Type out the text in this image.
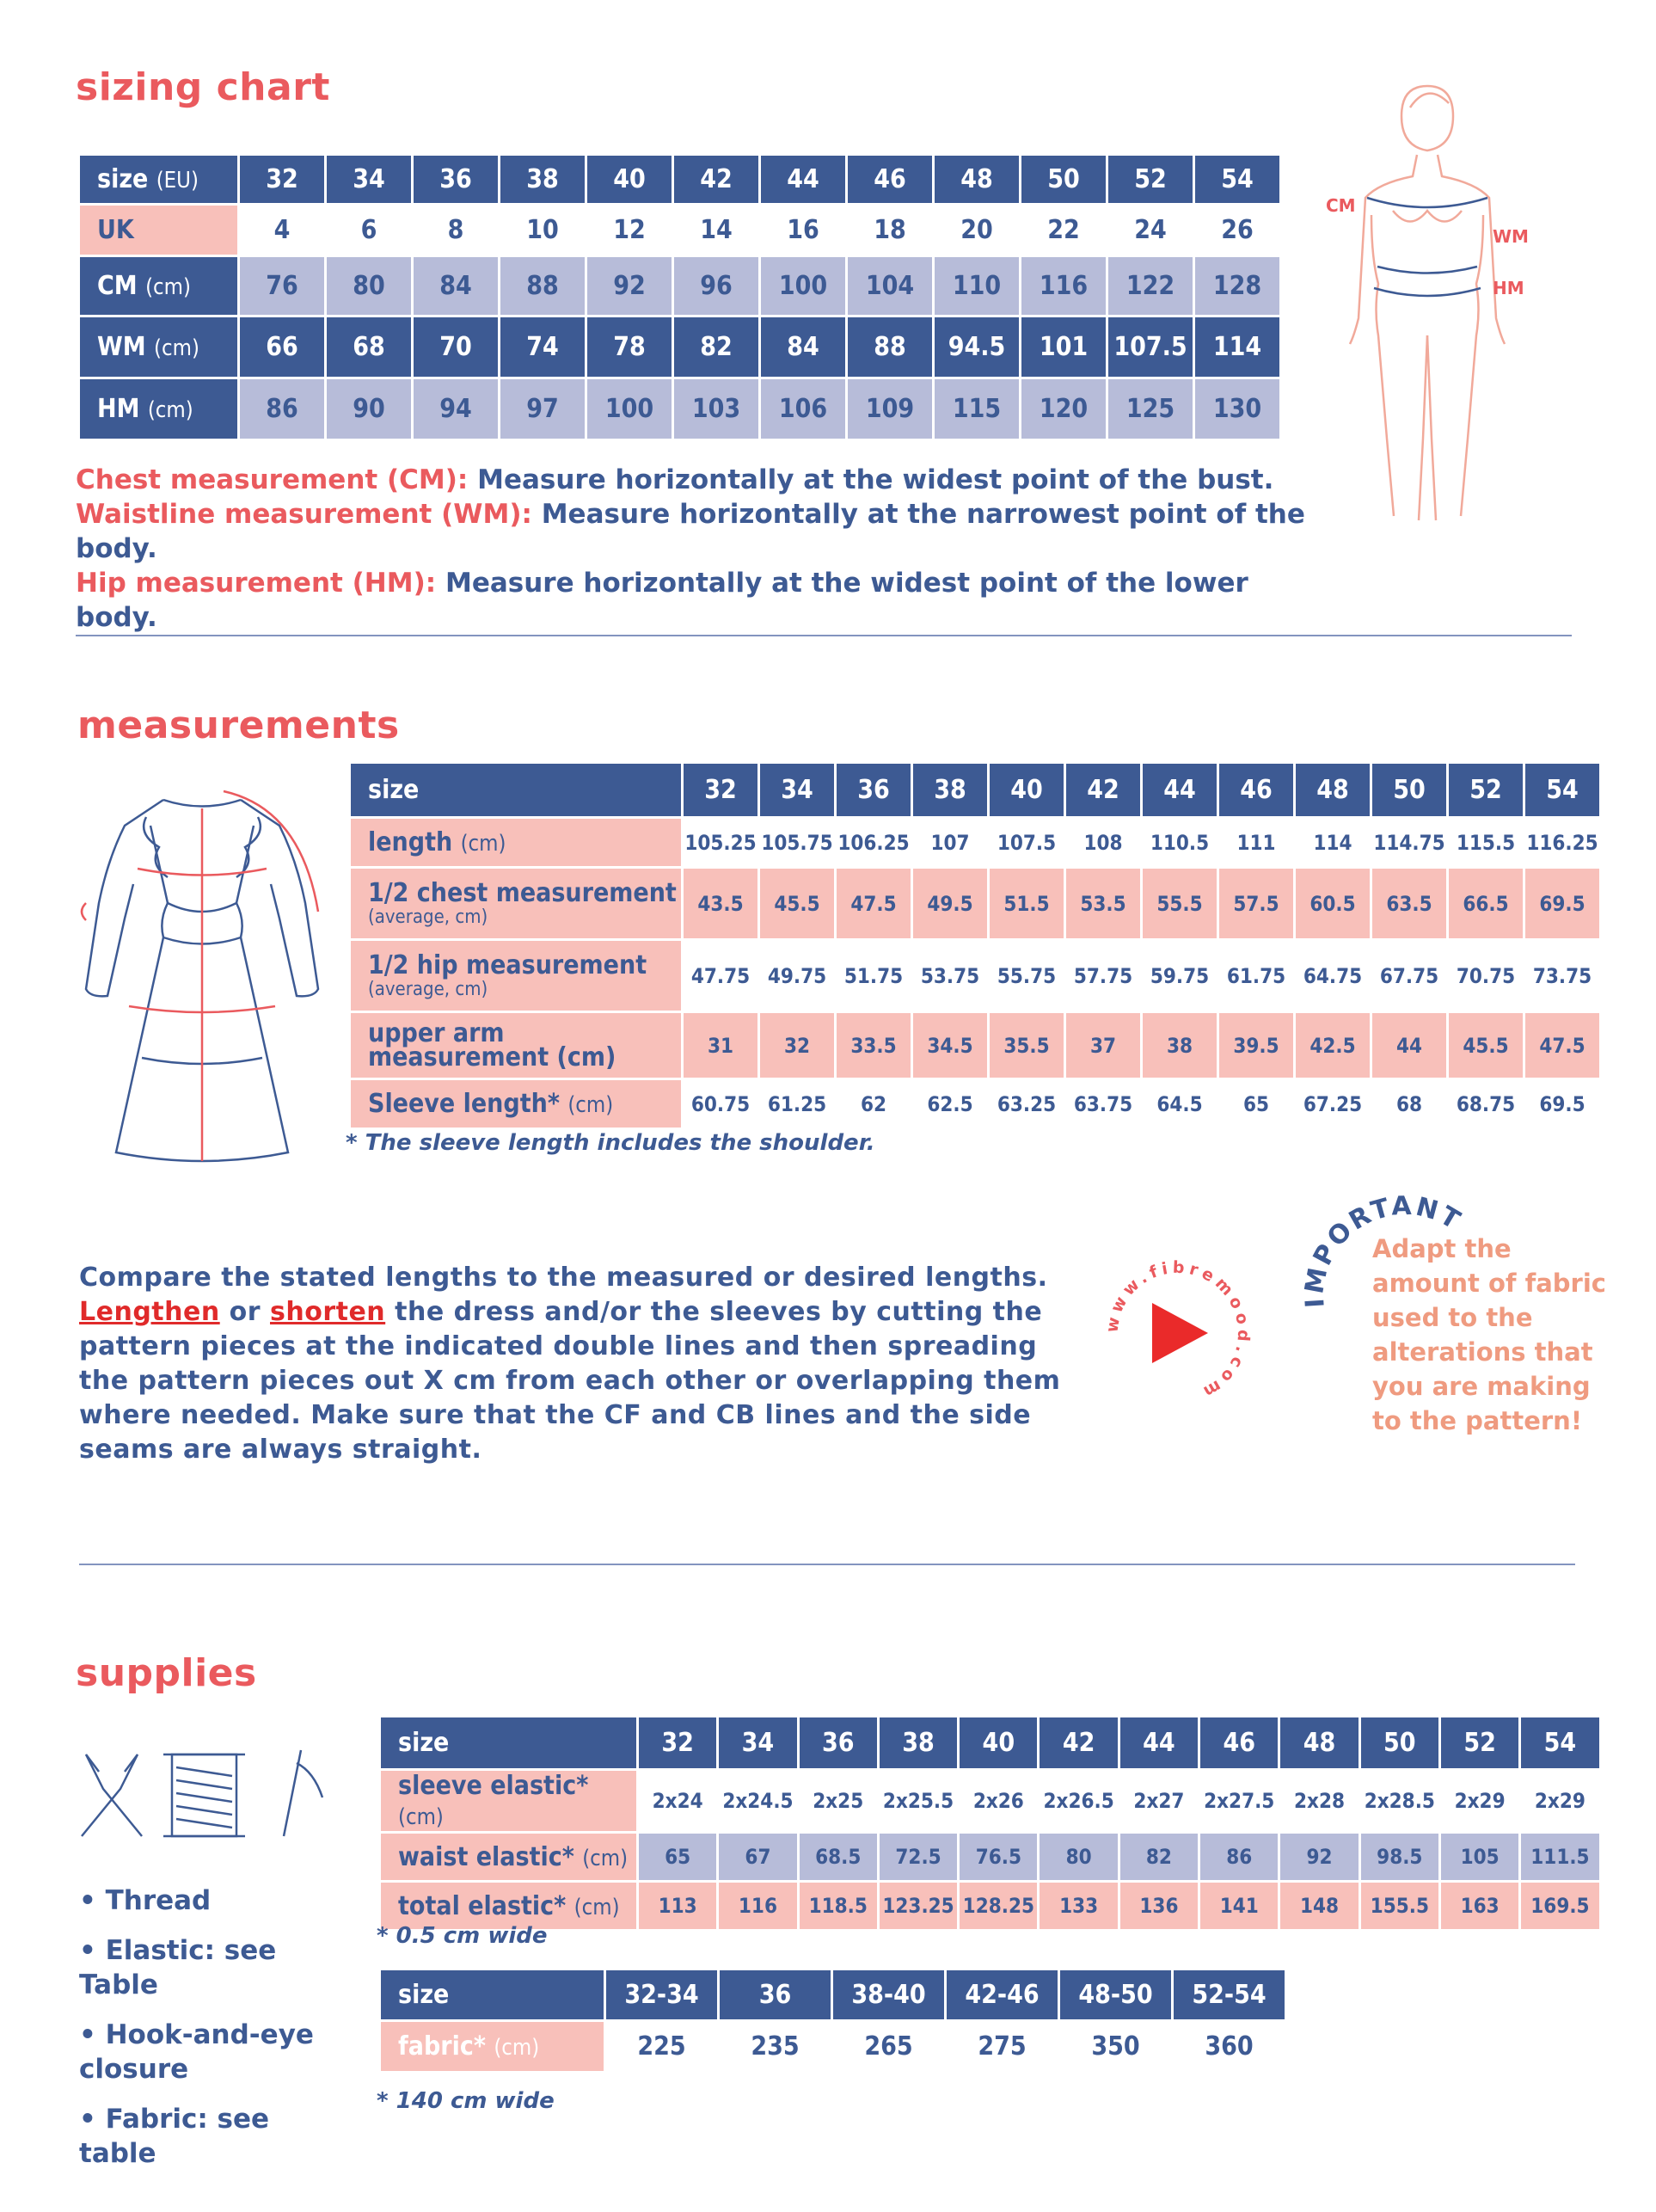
sizing chart
size (EU)	32	34	36	38	40	42	44	46	48	50	52	54
UK	4	6	8	10	12	14	16	18	20	22	24	26
CM (cm)	76	80	84	88	92	96	100	104	110	116	122	128
WM (cm)	66	68	70	74	78	82	84	88	94.5	101	107.5	114
HM (cm)	86	90	94	97	100	103	106	109	115	120	125	130
CM
WM
HM
Chest measurement (CM): Measure horizontally at the widest point of the bust.
Waistline measurement (WM): Measure horizontally at the narrowest point of the body.
Hip measurement (HM): Measure horizontally at the widest point of the lower body.
measurements
size	32	34	36	38	40	42	44	46	48	50	52	54
length (cm)	105.25	105.75	106.25	107	107.5	108	110.5	111	114	114.75	115.5	116.25
1/2 chest measurement
(average, cm)	43.5	45.5	47.5	49.5	51.5	53.5	55.5	57.5	60.5	63.5	66.5	69.5
1/2 hip measurement
(average, cm)	47.75	49.75	51.75	53.75	55.75	57.75	59.75	61.75	64.75	67.75	70.75	73.75
upper arm
measurement (cm)	31	32	33.5	34.5	35.5	37	38	39.5	42.5	44	45.5	47.5
Sleeve length* (cm)	60.75	61.25	62	62.5	63.25	63.75	64.5	65	67.25	68	68.75	69.5
* The sleeve length includes the shoulder.
Compare the stated lengths to the measured or desired lengths. Lengthen or shorten the dress and/or the sleeves by cutting the pattern pieces at the indicated double lines and then spreading the pattern pieces out X cm from each other or overlapping them where needed. Make sure that the CF and CB lines and the side seams are always straight.
www.fibremood.com
IMPORTANT
Adapt the amount of fabric used to the alterations that you are making to the pattern!
supplies
• Thread
• Elastic: see Table
• Hook-and-eye closure
• Fabric: see table
size	32	34	36	38	40	42	44	46	48	50	52	54
sleeve elastic* (cm)	2x24	2x24.5	2x25	2x25.5	2x26	2x26.5	2x27	2x27.5	2x28	2x28.5	2x29	2x29
waist elastic* (cm)	65	67	68.5	72.5	76.5	80	82	86	92	98.5	105	111.5
total elastic* (cm)	113	116	118.5	123.25	128.25	133	136	141	148	155.5	163	169.5
* 0.5 cm wide
size	32-34	36	38-40	42-46	48-50	52-54
fabric* (cm)	225	235	265	275	350	360
* 140 cm wide
